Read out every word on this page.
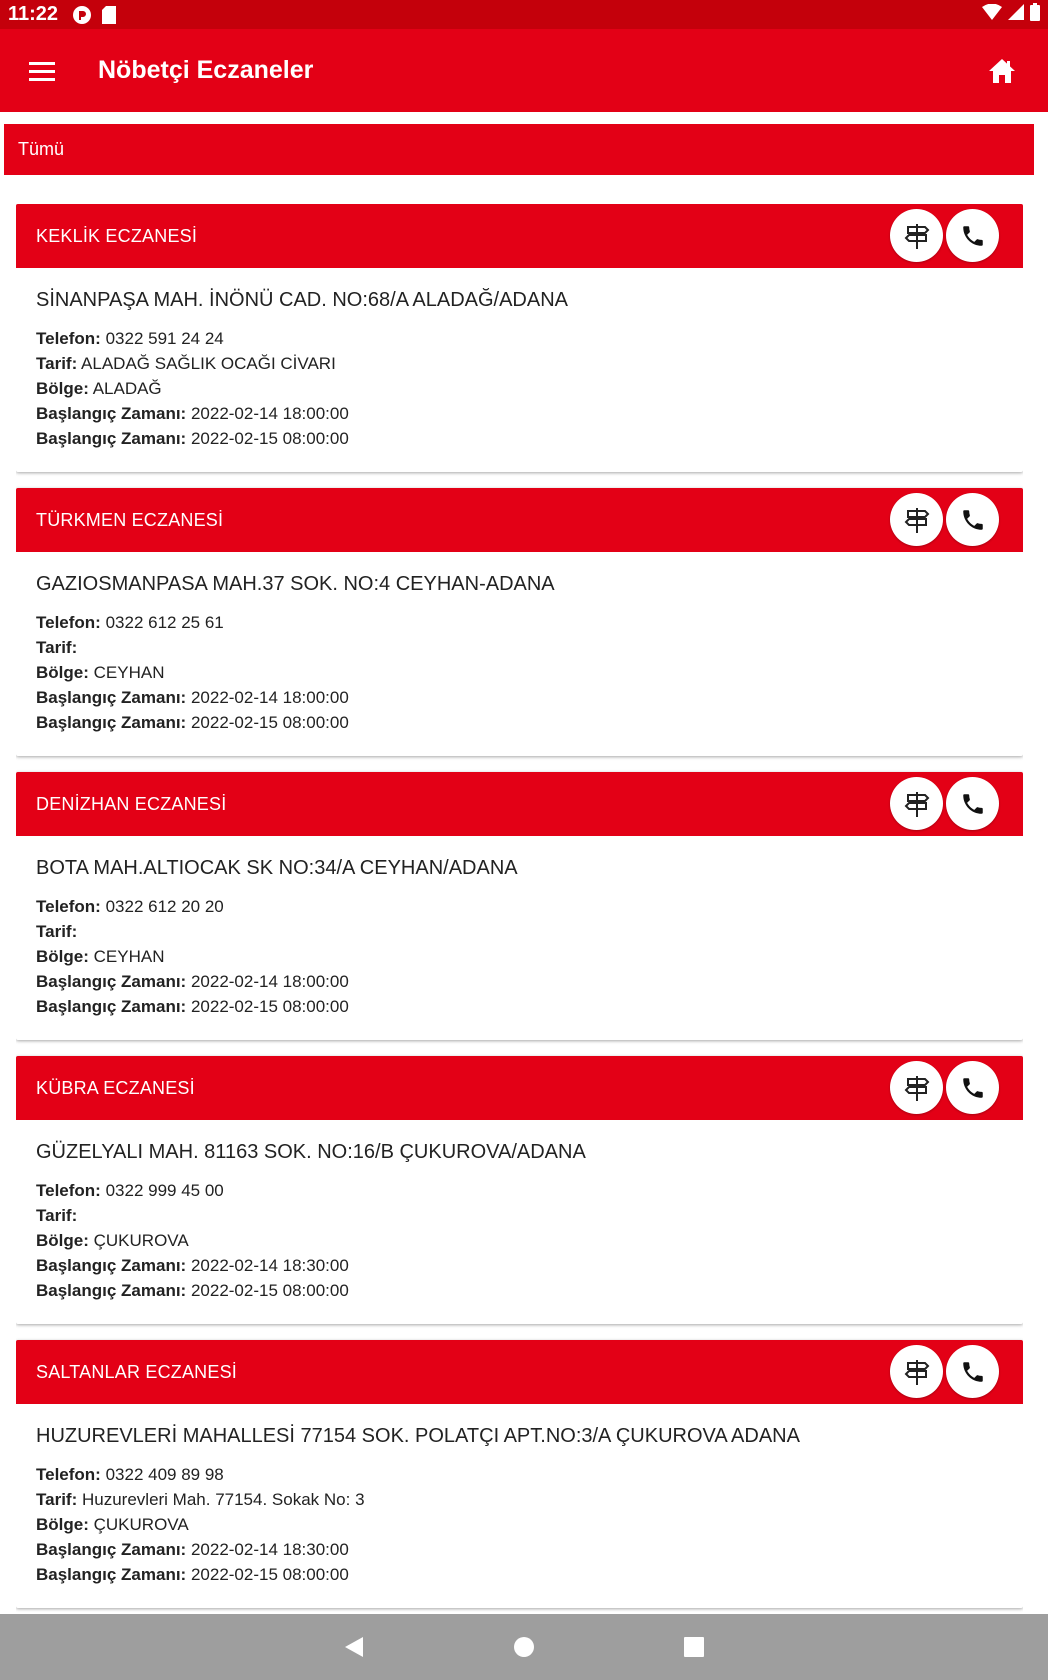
11:22
Nöbetçi Eczaneler
Tümü
KEKLİK ECZANESİ
SİNANPAŞA MAH. İNÖNÜ CAD. NO:68/A ALADAĞ/ADANA
Telefon: 0322 591 24 24
Tarif: ALADAĞ SAĞLIK OCAĞI CİVARI
Bölge: ALADAĞ
Başlangıç Zamanı: 2022-02-14 18:00:00
Başlangıç Zamanı: 2022-02-15 08:00:00
TÜRKMEN ECZANESİ
GAZIOSMANPASA MAH.37 SOK. NO:4 CEYHAN-ADANA
Telefon: 0322 612 25 61
Tarif:
Bölge: CEYHAN
Başlangıç Zamanı: 2022-02-14 18:00:00
Başlangıç Zamanı: 2022-02-15 08:00:00
DENİZHAN ECZANESİ
BOTA MAH.ALTIOCAK SK NO:34/A CEYHAN/ADANA
Telefon: 0322 612 20 20
Tarif:
Bölge: CEYHAN
Başlangıç Zamanı: 2022-02-14 18:00:00
Başlangıç Zamanı: 2022-02-15 08:00:00
KÜBRA ECZANESİ
GÜZELYALI MAH. 81163 SOK. NO:16/B ÇUKUROVA/ADANA
Telefon: 0322 999 45 00
Tarif:
Bölge: ÇUKUROVA
Başlangıç Zamanı: 2022-02-14 18:30:00
Başlangıç Zamanı: 2022-02-15 08:00:00
SALTANLAR ECZANESİ
HUZUREVLERİ MAHALLESİ 77154 SOK. POLATÇI APT.NO:3/A ÇUKUROVA ADANA
Telefon: 0322 409 89 98
Tarif: Huzurevleri Mah. 77154. Sokak No: 3
Bölge: ÇUKUROVA
Başlangıç Zamanı: 2022-02-14 18:30:00
Başlangıç Zamanı: 2022-02-15 08:00:00
